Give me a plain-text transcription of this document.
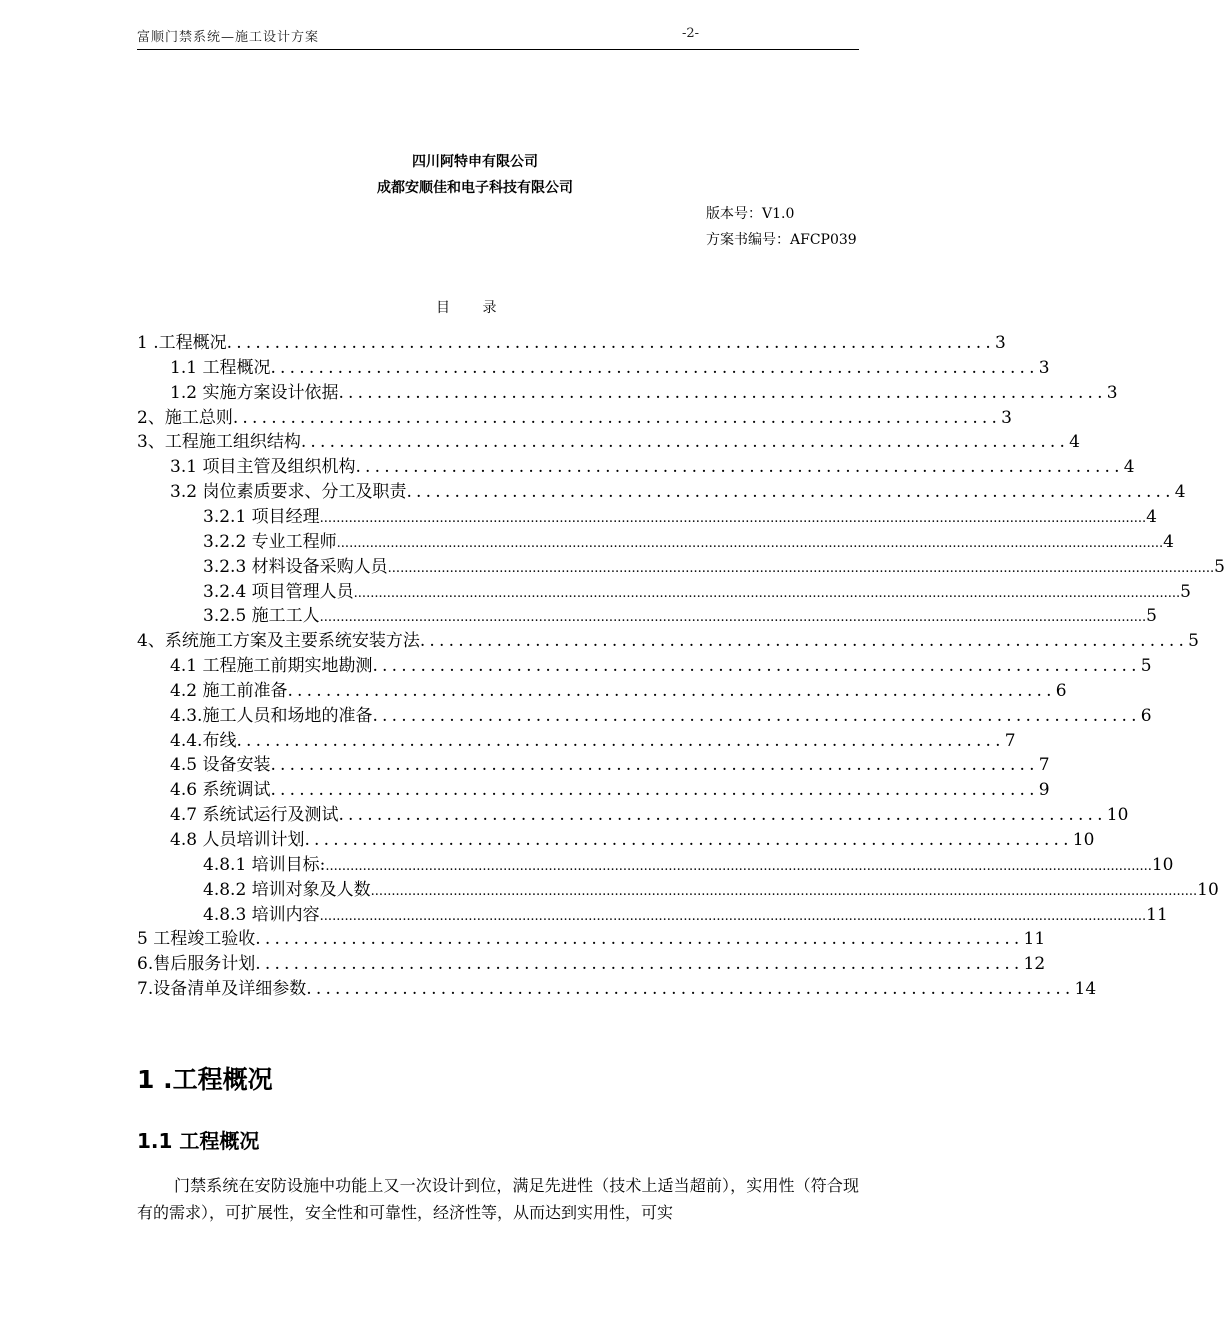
富顺门禁系统—施工设计方案	-2-
四川阿特申有限公司
成都安顺佳和电子科技有限公司
版本号：V1.0
方案书编号：AFCP039
目 录
1 .工程概况 ................................................................................ 3
1.1 工程概况 ................................................................................ 3
1.2 实施方案设计依据 ................................................................................ 3
2、施工总则 ................................................................................ 3
3、工程施工组织结构 ................................................................................ 4
3.1 项目主管及组织机构 ................................................................................ 4
3.2 岗位素质要求、分工及职责 ................................................................................ 4
3.2.1 项目经理 ........................................................................................................................................................................................................ 4
3.2.2 专业工程师 ........................................................................................................................................................................................................ 4
3.2.3 材料设备采购人员 ........................................................................................................................................................................................................ 5
3.2.4 项目管理人员 ........................................................................................................................................................................................................ 5
3.2.5 施工工人 ........................................................................................................................................................................................................ 5
4、系统施工方案及主要系统安装方法 ................................................................................ 5
4.1 工程施工前期实地勘测 ................................................................................ 5
4.2 施工前准备 ................................................................................ 6
4.3.施工人员和场地的准备 ................................................................................ 6
4.4.布线 ................................................................................ 7
4.5 设备安装 ................................................................................ 7
4.6 系统调试 ................................................................................ 9
4.7 系统试运行及测试 ................................................................................ 10
4.8 人员培训计划 ................................................................................ 10
4.8.1 培训目标: ........................................................................................................................................................................................................ 10
4.8.2 培训对象及人数 ........................................................................................................................................................................................................ 10
4.8.3 培训内容 ........................................................................................................................................................................................................ 11
5 工程竣工验收 ................................................................................ 11
6.售后服务计划 ................................................................................ 12
7.设备清单及详细参数 ................................................................................ 14
1 .工程概况
1.1 工程概况
门禁系统在安防设施中功能上又一次设计到位，满足先进性（技术上适当超前），实用性（符合现有的需求），可扩展性，安全性和可靠性，经济性等，从而达到实用性，可实
